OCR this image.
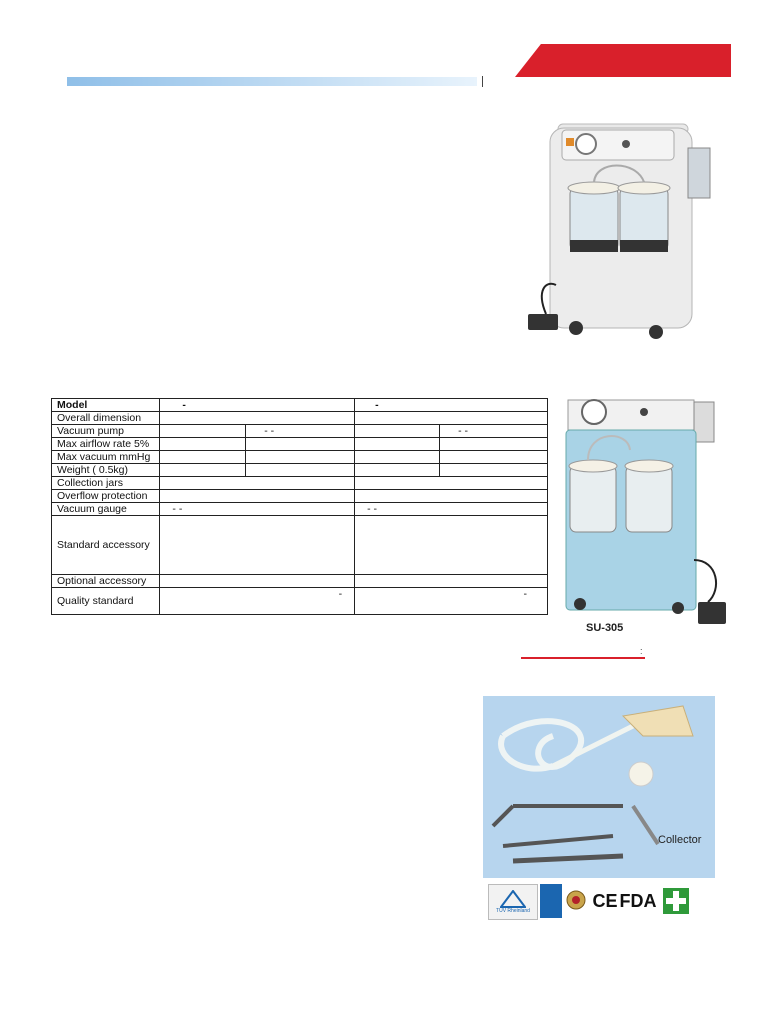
Model	-		-	
Overall dimension				
Vacuum pump		- -		- -
Max airflow rate 5%				
Max vacuum mmHg				
Weight ( 0.5kg)				
Collection jars				
Overflow protection				
Vacuum gauge	- -		- -	
Standard accessory				
Optional accessory				
Quality standard	-		-	
SU-305
:
Collector
TÜV Rheinland
CE FDA
